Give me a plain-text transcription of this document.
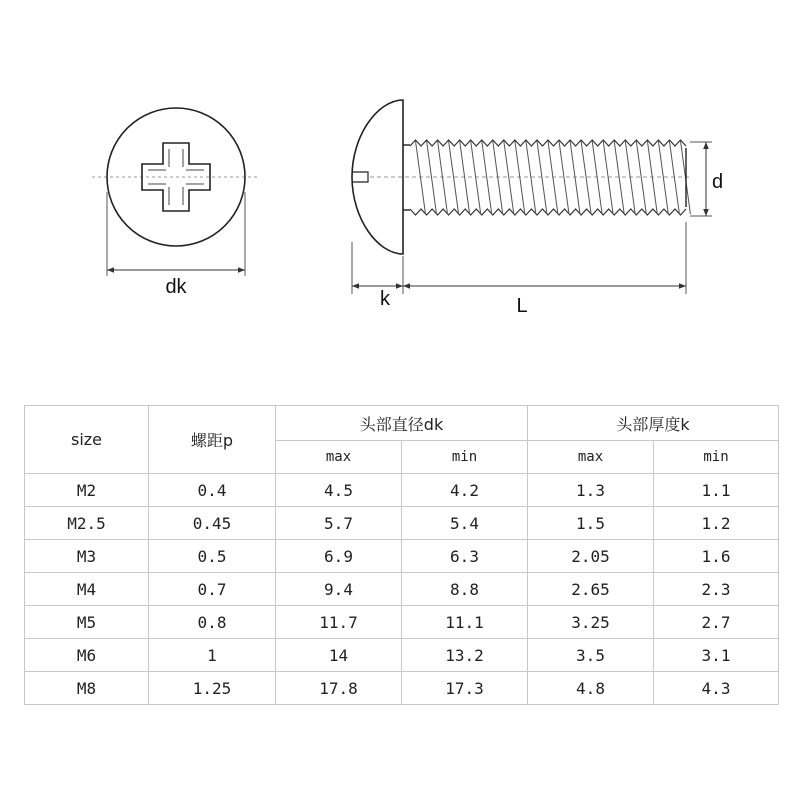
dk
d
k	L
size	螺距p	头部直径dk		头部厚度k	
		max	min	max	min
M2	0.4	4.5	4.2	1.3	1.1
M2.5	0.45	5.7	5.4	1.5	1.2
M3	0.5	6.9	6.3	2.05	1.6
M4	0.7	9.4	8.8	2.65	2.3
M5	0.8	11.7	11.1	3.25	2.7
M6	1	14	13.2	3.5	3.1
M8	1.25	17.8	17.3	4.8	4.3
